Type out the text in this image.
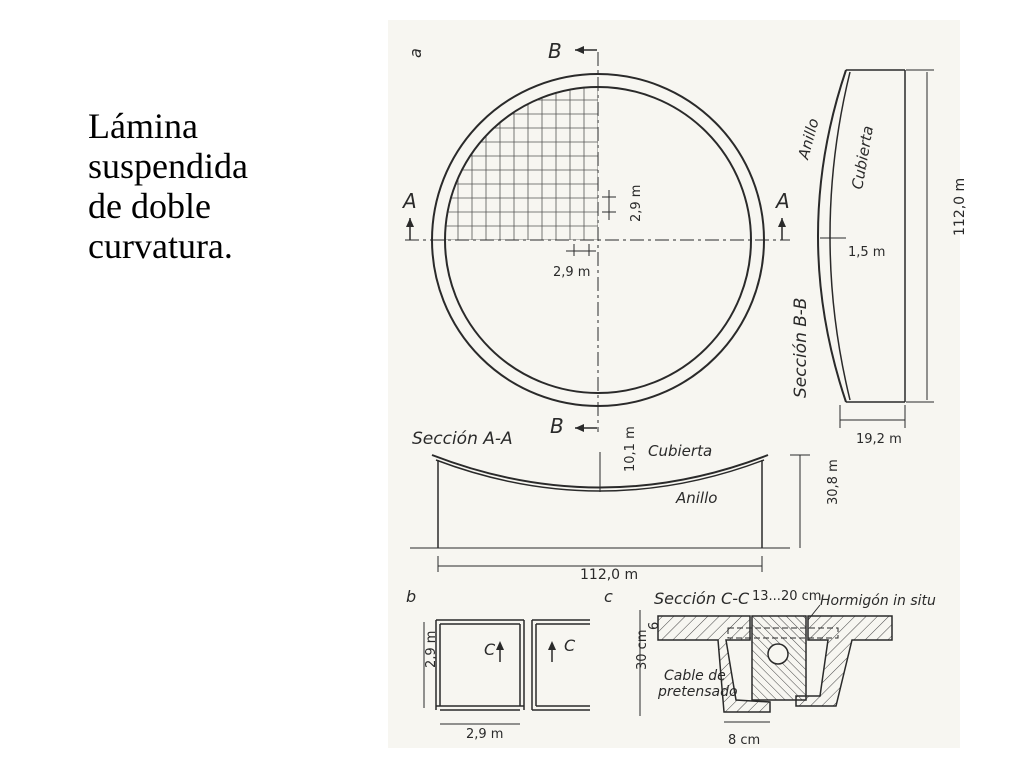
Lámina
suspendida
de doble
curvatura.
a	B
B
A	A
2,9 m
2,9 m
112,0 m
19,2 m
1,5 m
Anillo Cubierta
Sección B-B
Sección A-A	10,1 m Cubierta
Anillo	30,8 m
112,0 m
b
2,9 m
2,9 m
C	C
c	Sección C-C 13...20 cm
Hormigón in situ
6
30 cm
Cable de
pretensado
8 cm
